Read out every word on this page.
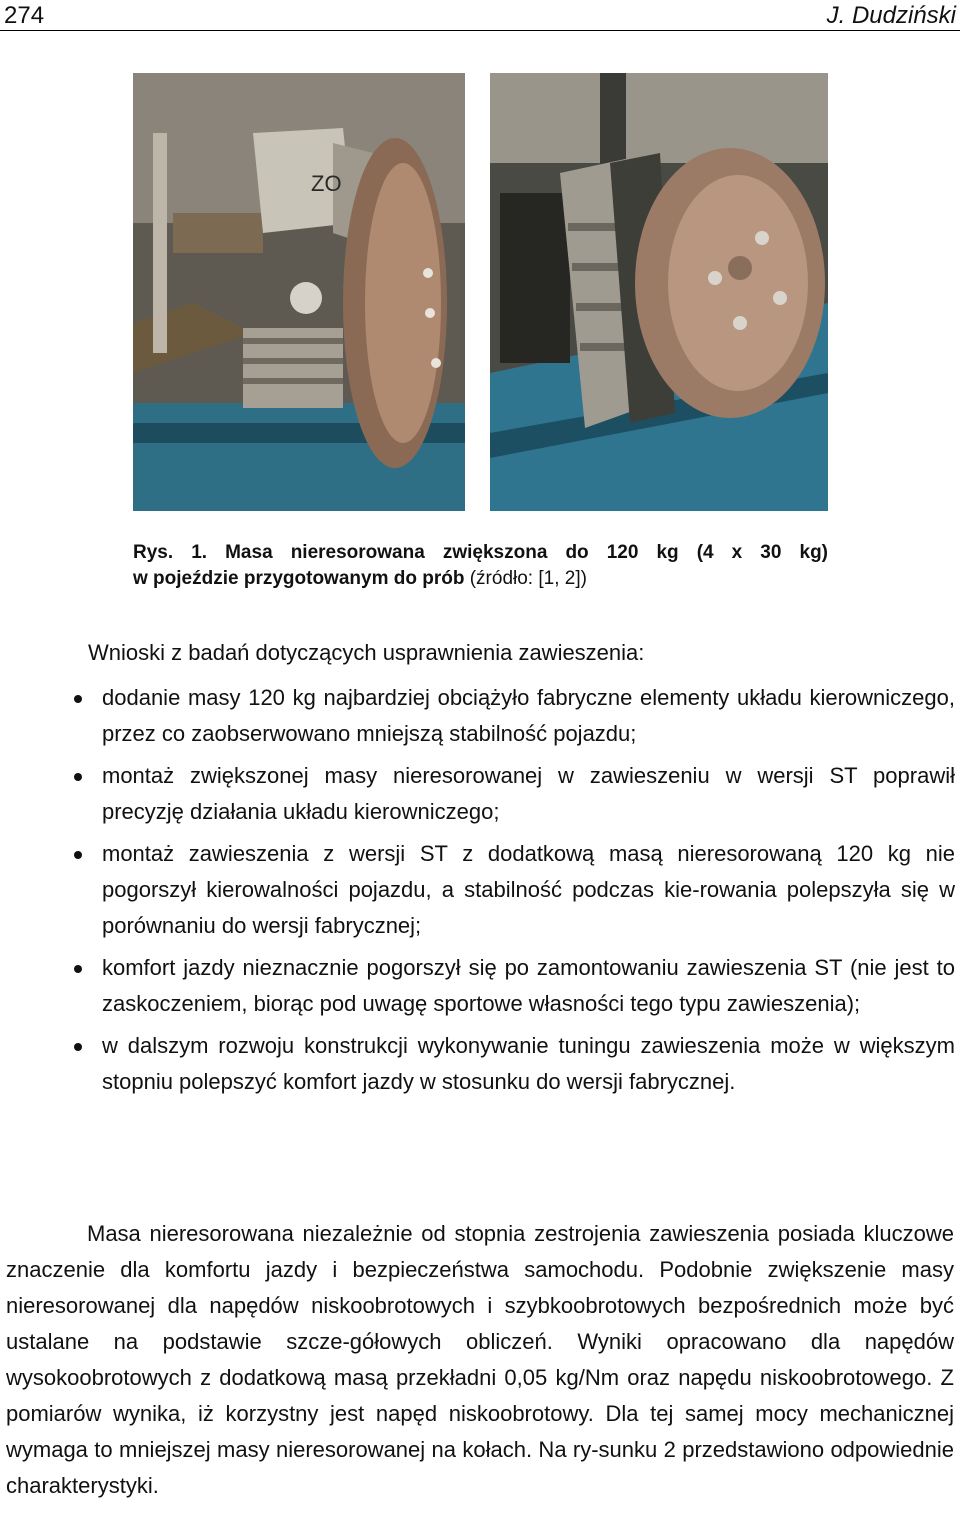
274	J. Dudziński
ZO
Rys. 1. Masa nieresorowana zwiększona do 120 kg (4 x 30 kg)
w pojeździe przygotowanym do prób (źródło: [1, 2])
Wnioski z badań dotyczących usprawnienia zawieszenia:
dodanie masy 120 kg najbardziej obciążyło fabryczne elementy układu kierowniczego, przez co zaobserwowano mniejszą stabilność pojazdu;
montaż zwiększonej masy nieresorowanej w zawieszeniu w wersji ST poprawił precyzję działania układu kierowniczego;
montaż zawieszenia z wersji ST z dodatkową masą nieresorowaną 120 kg nie pogorszył kierowalności pojazdu, a stabilność podczas kie-rowania polepszyła się w porównaniu do wersji fabrycznej;
komfort jazdy nieznacznie pogorszył się po zamontowaniu zawieszenia ST (nie jest to zaskoczeniem, biorąc pod uwagę sportowe własności tego typu zawieszenia);
w dalszym rozwoju konstrukcji wykonywanie tuningu zawieszenia może w większym stopniu polepszyć komfort jazdy w stosunku do wersji fabrycznej.

Masa nieresorowana niezależnie od stopnia zestrojenia zawieszenia posiada kluczowe znaczenie dla komfortu jazdy i bezpieczeństwa samochodu. Podobnie zwiększenie masy nieresorowanej dla napędów niskoobrotowych i szybkoobrotowych bezpośrednich może być ustalane na podstawie szcze-gółowych obliczeń. Wyniki opracowano dla napędów wysokoobrotowych z dodatkową masą przekładni 0,05 kg/Nm oraz napędu niskoobrotowego. Z pomiarów wynika, iż korzystny jest napęd niskoobrotowy. Dla tej samej mocy mechanicznej wymaga to mniejszej masy nieresorowanej na kołach. Na ry-sunku 2 przedstawiono odpowiednie charakterystyki.
